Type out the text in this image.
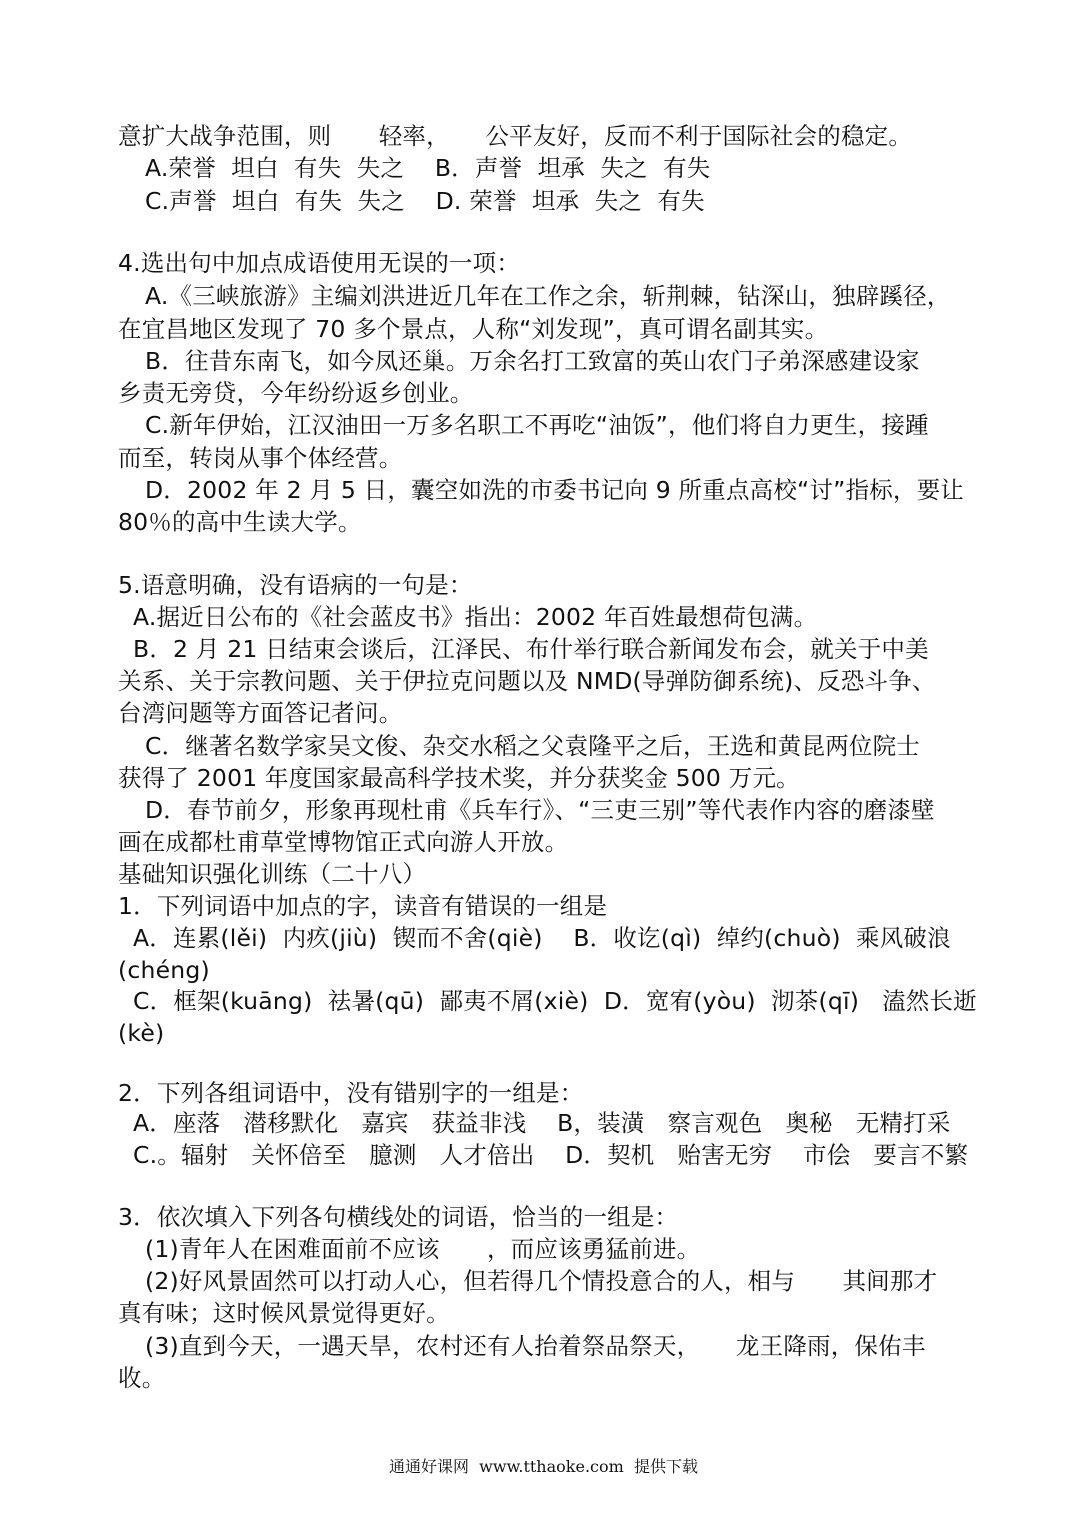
意扩大战争范围，则　　轻率，　　公平友好，反而不利于国际社会的稳定。
A.荣誉  坦白  有失  失之    B．声誉  坦承  失之  有失
C.声誉  坦白  有失  失之    D. 荣誉  坦承  失之  有失
4.选出句中加点成语使用无误的一项：
A.《三峡旅游》主编刘洪进近几年在工作之余，斩荆棘，钻深山，独辟蹊径，
在宜昌地区发现了 70 多个景点，人称“刘发现”，真可谓名副其实。
B．往昔东南飞，如今凤还巢。万余名打工致富的英山农门子弟深感建设家
乡责无旁贷，今年纷纷返乡创业。
C.新年伊始，江汉油田一万多名职工不再吃“油饭”，他们将自力更生，接踵
而至，转岗从事个体经营。
D．2002 年 2 月 5 日，囊空如洗的市委书记向 9 所重点高校“讨”指标，要让
80％的高中生读大学。
5.语意明确，没有语病的一句是：
A.据近日公布的《社会蓝皮书》指出：2002 年百姓最想荷包满。
B．2 月 21 日结束会谈后，江泽民、布什举行联合新闻发布会，就关于中美
关系、关于宗教问题、关于伊拉克问题以及 NMD(导弹防御系统)、反恐斗争、
台湾问题等方面答记者问。
C．继著名数学家吴文俊、杂交水稻之父袁隆平之后，王选和黄昆两位院士
获得了 2001 年度国家最高科学技术奖，并分获奖金 500 万元。
D．春节前夕，形象再现杜甫《兵车行》、“三吏三别”等代表作内容的磨漆壁
画在成都杜甫草堂博物馆正式向游人开放。
基础知识强化训练（二十八）
1．下列词语中加点的字，读音有错误的一组是
A．连累(lěi)  内疚(jiù)  锲而不舍(qiè)    B．收讫(qì)  绰约(chuò)  乘风破浪
(chéng)
C．框架(kuāng)  祛暑(qū)  鄙夷不屑(xiè)  D．宽宥(yòu)  沏茶(qī)   溘然长逝
(kè)
2．下列各组词语中，没有错别字的一组是：
A．座落   潜移默化   嘉宾   获益非浅    B，装潢   察言观色   奥秘   无精打采
C.。辐射   关怀倍至   臆测   人才倍出    D．契机   贻害无穷    市侩   要言不繁
3．依次填入下列各句横线处的词语，恰当的一组是：
(1)青年人在困难面前不应该　　，而应该勇猛前进。
(2)好风景固然可以打动人心，但若得几个情投意合的人，相与　　其间那才
真有味；这时候风景觉得更好。
(3)直到今天，一遇天旱，农村还有人抬着祭品祭天，　　龙王降雨，保佑丰
收。
通通好课网  www.tthaoke.com  提供下载
